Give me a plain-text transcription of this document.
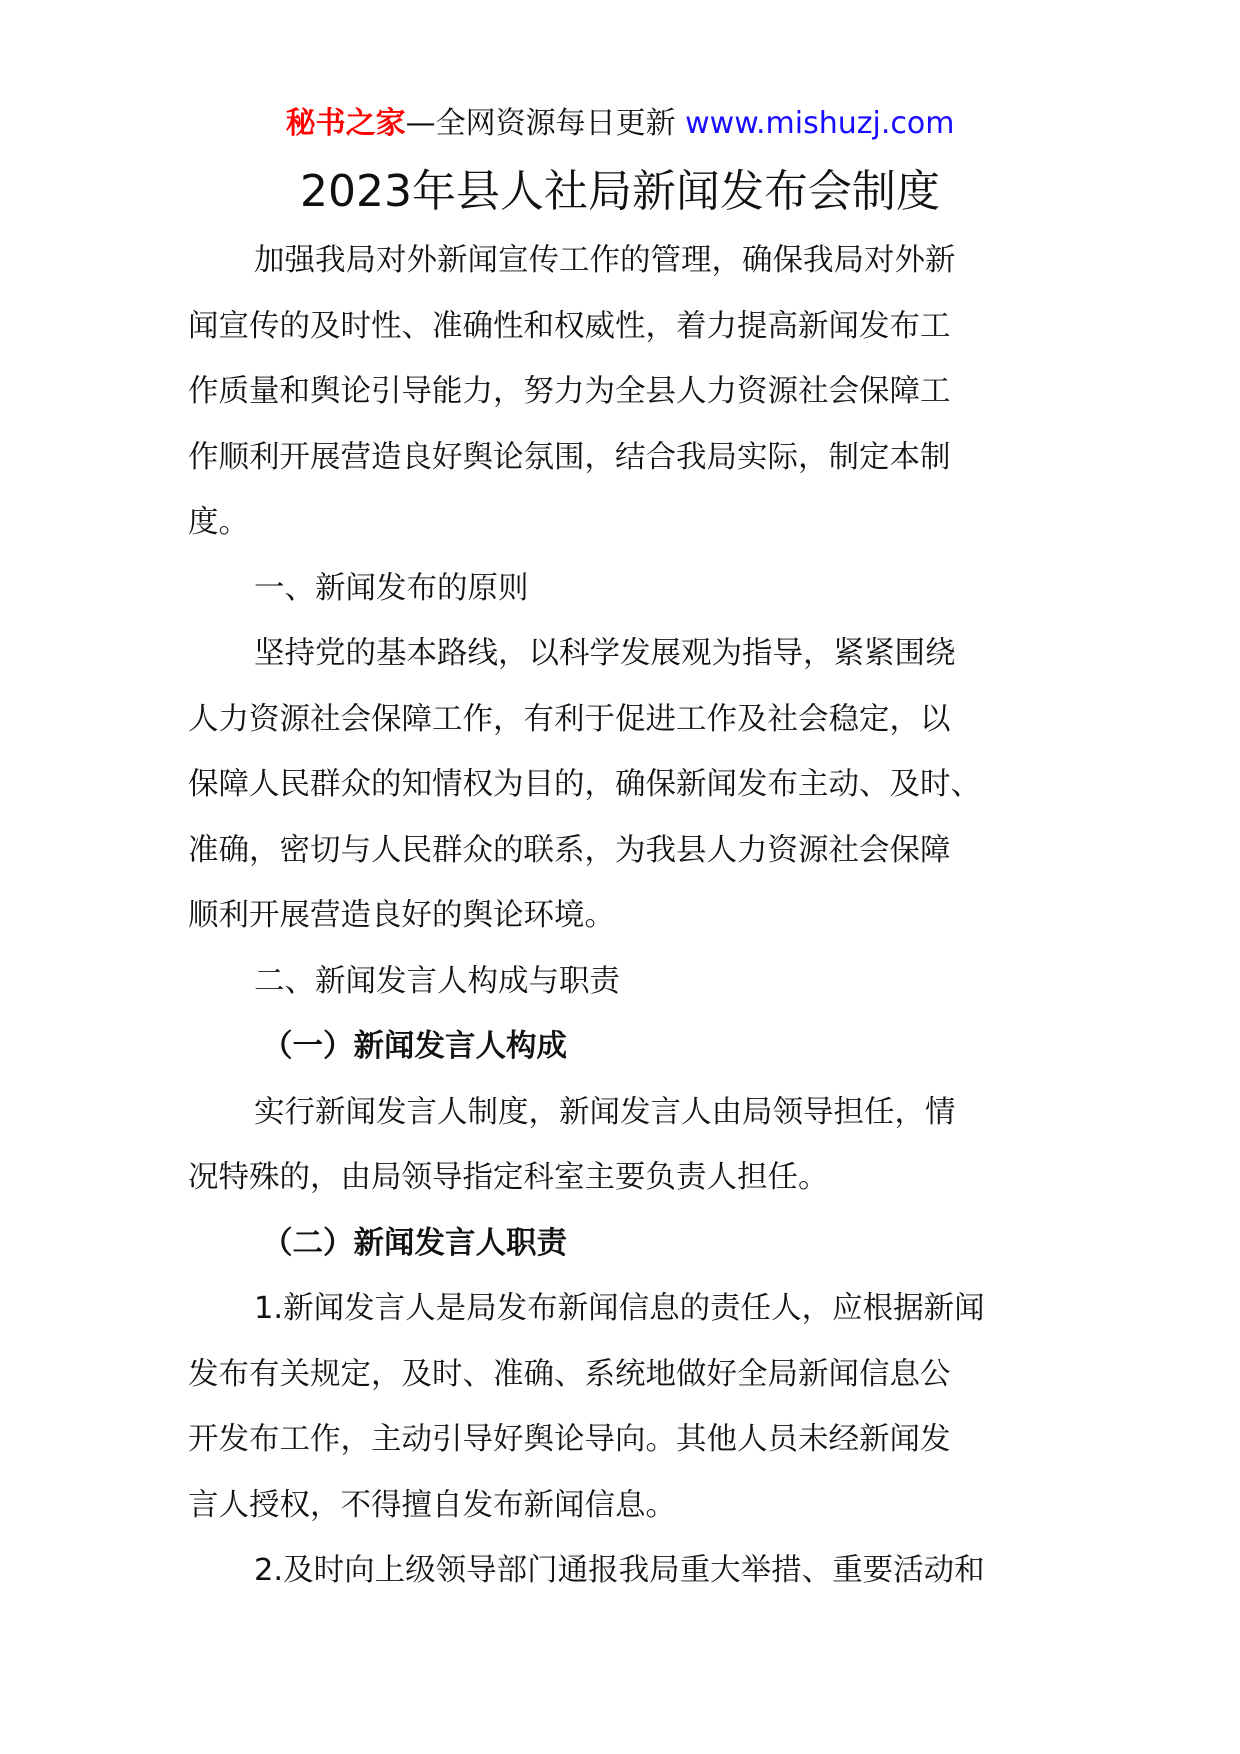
秘书之家—全网资源每日更新 www.mishuzj.com
2023年县人社局新闻发布会制度
加强我局对外新闻宣传工作的管理，确保我局对外新
闻宣传的及时性、准确性和权威性，着力提高新闻发布工
作质量和舆论引导能力，努力为全县人力资源社会保障工
作顺利开展营造良好舆论氛围，结合我局实际，制定本制
度。
一、新闻发布的原则
坚持党的基本路线，以科学发展观为指导，紧紧围绕
人力资源社会保障工作，有利于促进工作及社会稳定，以
保障人民群众的知情权为目的，确保新闻发布主动、及时、
准确，密切与人民群众的联系，为我县人力资源社会保障
顺利开展营造良好的舆论环境。
二、新闻发言人构成与职责
（一）新闻发言人构成
实行新闻发言人制度，新闻发言人由局领导担任，情
况特殊的，由局领导指定科室主要负责人担任。
（二）新闻发言人职责
1.新闻发言人是局发布新闻信息的责任人，应根据新闻
发布有关规定，及时、准确、系统地做好全局新闻信息公
开发布工作，主动引导好舆论导向。其他人员未经新闻发
言人授权，不得擅自发布新闻信息。
2.及时向上级领导部门通报我局重大举措、重要活动和
